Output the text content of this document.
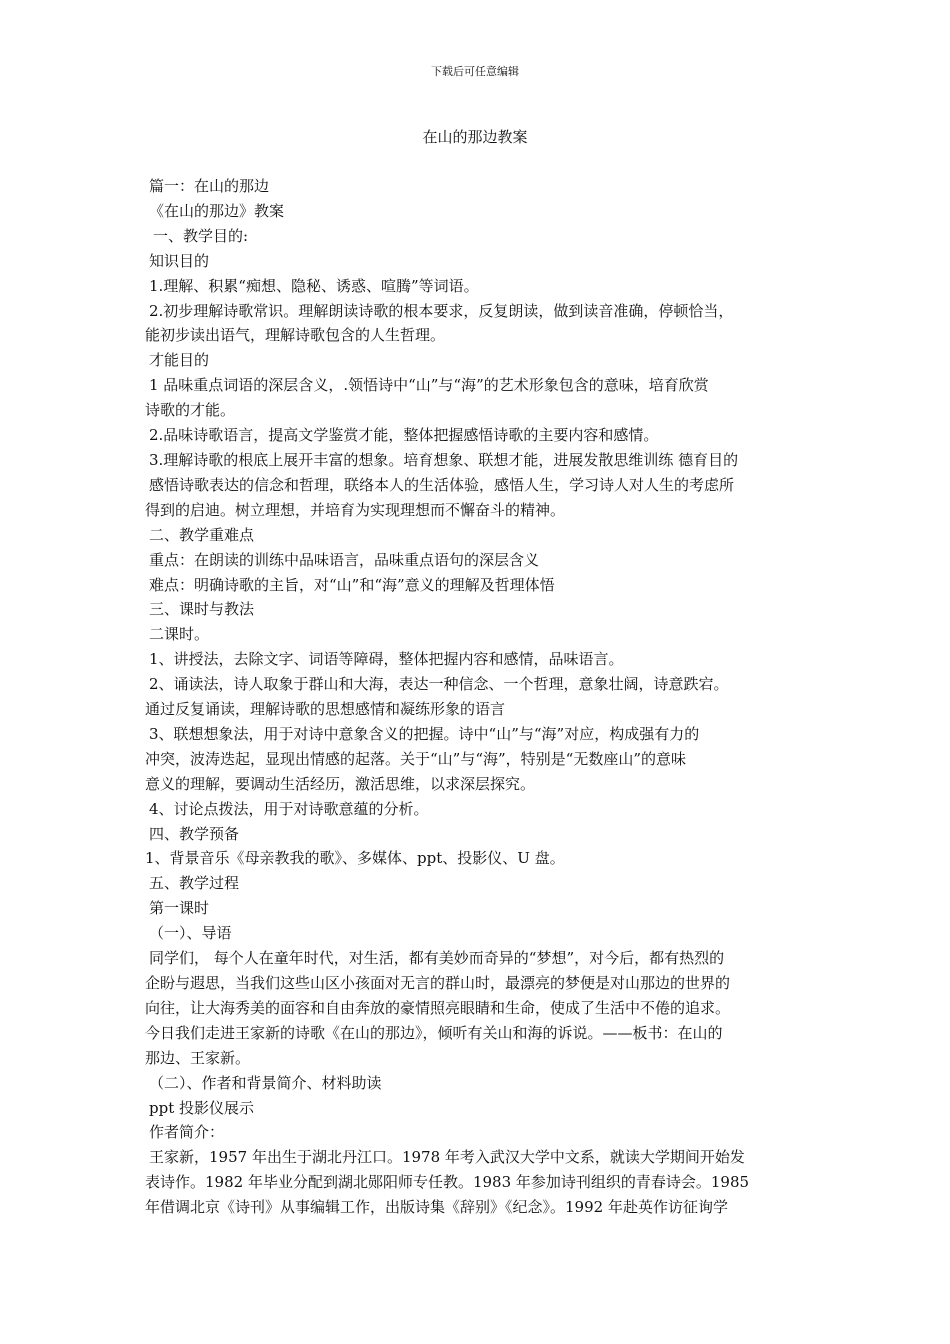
下载后可任意编辑
在山的那边教案

篇一：在山的那边

《在山的那边》教案

一、教学目的:

知识目的

1.理解、积累“痴想、隐秘、诱惑、喧腾”等词语。

2.初步理解诗歌常识。理解朗读诗歌的根本要求，反复朗读，做到读音准确，停顿恰当，

能初步读出语气，理解诗歌包含的人生哲理。

才能目的

1 品味重点词语的深层含义，.领悟诗中“山”与“海”的艺术形象包含的意味，培育欣赏

诗歌的才能。

2.品味诗歌语言，提高文学鉴赏才能，整体把握感悟诗歌的主要内容和感情。

3.理解诗歌的根底上展开丰富的想象。培育想象、联想才能，进展发散思维训练 德育目的

感悟诗歌表达的信念和哲理，联络本人的生活体验，感悟人生，学习诗人对人生的考虑所

得到的启迪。树立理想，并培育为实现理想而不懈奋斗的精神。

二、教学重难点

重点：在朗读的训练中品味语言，品味重点语句的深层含义

难点：明确诗歌的主旨，对“山”和“海”意义的理解及哲理体悟

三、课时与教法

二课时。

1、讲授法，去除文字、词语等障碍，整体把握内容和感情，品味语言。

2、诵读法，诗人取象于群山和大海，表达一种信念、一个哲理，意象壮阔，诗意跌宕。

通过反复诵读，理解诗歌的思想感情和凝练形象的语言

3、联想想象法，用于对诗中意象含义的把握。诗中“山”与“海”对应，构成强有力的

冲突，波涛迭起，显现出情感的起落。关于“山”与“海”，特别是“无数座山”的意味

意义的理解，要调动生活经历，激活思维，以求深层探究。

4、讨论点拨法，用于对诗歌意蕴的分析。

四、教学预备

1、背景音乐《母亲教我的歌》、多媒体、ppt、投影仪、U 盘。

五、教学过程

第一课时

（一）、导语

同学们， 每个人在童年时代，对生活，都有美妙而奇异的“梦想”，对今后，都有热烈的

企盼与遐思，当我们这些山区小孩面对无言的群山时，最漂亮的梦便是对山那边的世界的

向往，让大海秀美的面容和自由奔放的豪情照亮眼睛和生命，使成了生活中不倦的追求。

今日我们走进王家新的诗歌《在山的那边》，倾听有关山和海的诉说。——板书：在山的

那边、王家新。

（二）、作者和背景简介、材料助读

ppt 投影仪展示

作者简介：

王家新，1957 年出生于湖北丹江口。1978 年考入武汉大学中文系，就读大学期间开始发

表诗作。1982 年毕业分配到湖北郧阳师专任教。1983 年参加诗刊组织的青春诗会。1985

年借调北京《诗刊》从事编辑工作，出版诗集《辞别》《纪念》。1992 年赴英作访征询学
